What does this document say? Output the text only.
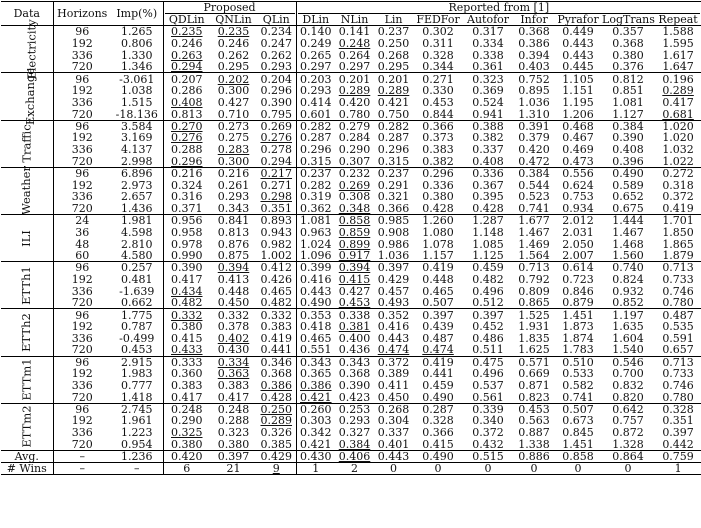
Data	Horizons	Imp(%)	Proposed			Reported from [1]								

			QDLin	QNLin	QLin	DLin	NLin	Lin	FEDFor	Autofor	Infor	Pyrafor	LogTrans	Repeat
Electricity	96	1.265	0.235	0.235	0.234	0.140	0.141	0.237	0.302	0.317	0.368	0.449	0.357	1.588
	192	0.806	0.246	0.246	0.247	0.249	0.248	0.250	0.311	0.334	0.386	0.443	0.368	1.595
	336	1.330	0.263	0.262	0.262	0.265	0.264	0.268	0.328	0.338	0.394	0.443	0.380	1.617
	720	1.346	0.294	0.295	0.293	0.297	0.297	0.295	0.344	0.361	0.403	0.445	0.376	1.647
Exchange	96	-3.061	0.207	0.202	0.204	0.203	0.201	0.201	0.271	0.323	0.752	1.105	0.812	0.196
	192	1.038	0.286	0.300	0.296	0.293	0.289	0.289	0.330	0.369	0.895	1.151	0.851	0.289
	336	1.515	0.408	0.427	0.390	0.414	0.420	0.421	0.453	0.524	1.036	1.195	1.081	0.417
	720	-18.136	0.813	0.710	0.795	0.601	0.780	0.750	0.844	0.941	1.310	1.206	1.127	0.681
Traffic	96	3.584	0.270	0.273	0.269	0.282	0.279	0.282	0.366	0.388	0.391	0.468	0.384	1.020
	192	3.169	0.276	0.275	0.276	0.287	0.284	0.287	0.373	0.382	0.379	0.467	0.390	1.020
	336	4.137	0.288	0.283	0.278	0.296	0.290	0.296	0.383	0.337	0.420	0.469	0.408	1.032
	720	2.998	0.296	0.300	0.294	0.315	0.307	0.315	0.382	0.408	0.472	0.473	0.396	1.022
Weather	96	6.896	0.216	0.216	0.217	0.237	0.232	0.237	0.296	0.336	0.384	0.556	0.490	0.272
	192	2.973	0.324	0.261	0.271	0.282	0.269	0.291	0.336	0.367	0.544	0.624	0.589	0.318
	336	2.657	0.316	0.293	0.298	0.319	0.308	0.321	0.380	0.395	0.523	0.753	0.652	0.372
	720	1.436	0.371	0.343	0.351	0.362	0.348	0.366	0.428	0.428	0.741	0.934	0.675	0.419
ILI	24	1.981	0.956	0.841	0.893	1.081	0.858	0.985	1.260	1.287	1.677	2.012	1.444	1.701
	36	4.598	0.958	0.813	0.943	0.963	0.859	0.908	1.080	1.148	1.467	2.031	1.467	1.850
	48	2.810	0.978	0.876	0.982	1.024	0.899	0.986	1.078	1.085	1.469	2.050	1.468	1.865
	60	4.580	0.990	0.875	1.002	1.096	0.917	1.036	1.157	1.125	1.564	2.007	1.560	1.879
ETTh1	96	0.257	0.390	0.394	0.412	0.399	0.394	0.397	0.419	0.459	0.713	0.614	0.740	0.713
	192	0.481	0.417	0.413	0.426	0.416	0.415	0.429	0.448	0.482	0.792	0.723	0.824	0.733
	336	-1.639	0.434	0.448	0.465	0.443	0.427	0.457	0.465	0.496	0.809	0.846	0.932	0.746
	720	0.662	0.482	0.450	0.482	0.490	0.453	0.493	0.507	0.512	0.865	0.879	0.852	0.780
ETTh2	96	1.775	0.332	0.332	0.332	0.353	0.338	0.352	0.397	0.397	1.525	1.451	1.197	0.487
	192	0.787	0.380	0.378	0.383	0.418	0.381	0.416	0.439	0.452	1.931	1.873	1.635	0.535
	336	-0.499	0.415	0.402	0.419	0.465	0.400	0.443	0.487	0.486	1.835	1.874	1.604	0.591
	720	0.453	0.433	0.430	0.441	0.551	0.436	0.474	0.474	0.511	1.625	1.783	1.540	0.657
ETTm1	96	2.915	0.333	0.334	0.346	0.343	0.343	0.372	0.419	0.475	0.571	0.510	0.546	0.713
	192	1.983	0.360	0.363	0.368	0.365	0.368	0.389	0.441	0.496	0.669	0.533	0.700	0.733
	336	0.777	0.383	0.383	0.386	0.386	0.390	0.411	0.459	0.537	0.871	0.582	0.832	0.746
	720	1.418	0.417	0.417	0.428	0.421	0.423	0.450	0.490	0.561	0.823	0.741	0.820	0.780
ETTm2	96	2.745	0.248	0.248	0.250	0.260	0.253	0.268	0.287	0.339	0.453	0.507	0.642	0.328
	192	1.961	0.290	0.288	0.289	0.303	0.293	0.304	0.328	0.340	0.563	0.673	0.757	0.351
	336	1.223	0.325	0.323	0.326	0.342	0.327	0.337	0.366	0.372	0.887	0.845	0.872	0.397
	720	0.954	0.380	0.380	0.385	0.421	0.384	0.401	0.415	0.432	1.338	1.451	1.328	0.442
Avg.	–	1.236	0.420	0.397	0.429	0.430	0.406	0.443	0.490	0.515	0.886	0.858	0.864	0.759
# Wins	–	–	6	21	9	1	2	0	0	0	0	0	0	1
